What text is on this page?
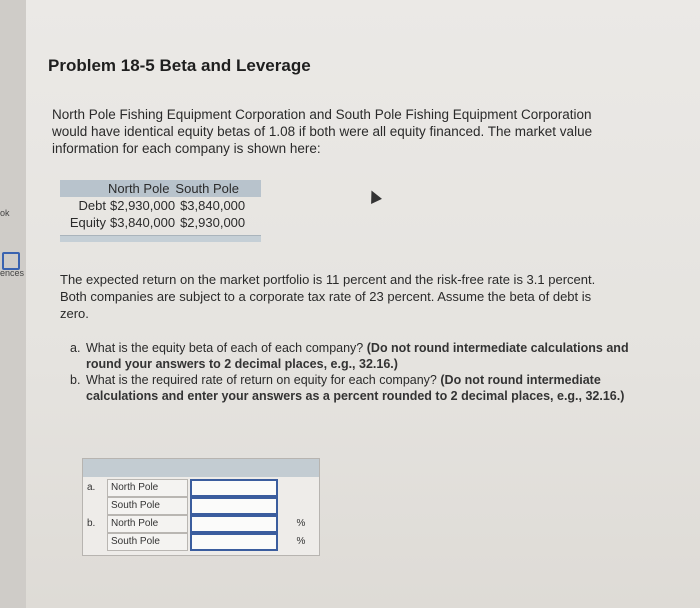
ok
ences
Problem 18-5 Beta and Leverage
North Pole Fishing Equipment Corporation and South Pole Fishing Equipment Corporation would have identical equity betas of 1.08 if both were all equity financed. The market value information for each company is shown here:
North Pole South Pole
Debt $2,930,000 $3,840,000
Equity $3,840,000 $2,930,000
The expected return on the market portfolio is 11 percent and the risk-free rate is 3.1 percent. Both companies are subject to a corporate tax rate of 23 percent. Assume the beta of debt is zero.
a. What is the equity beta of each of each company? (Do not round intermediate calculations and round your answers to 2 decimal places, e.g., 32.16.)
b. What is the required rate of return on equity for each company? (Do not round intermediate calculations and enter your answers as a percent rounded to 2 decimal places, e.g., 32.16.)
a.	North Pole
South Pole
b.	North Pole	%
South Pole	%
